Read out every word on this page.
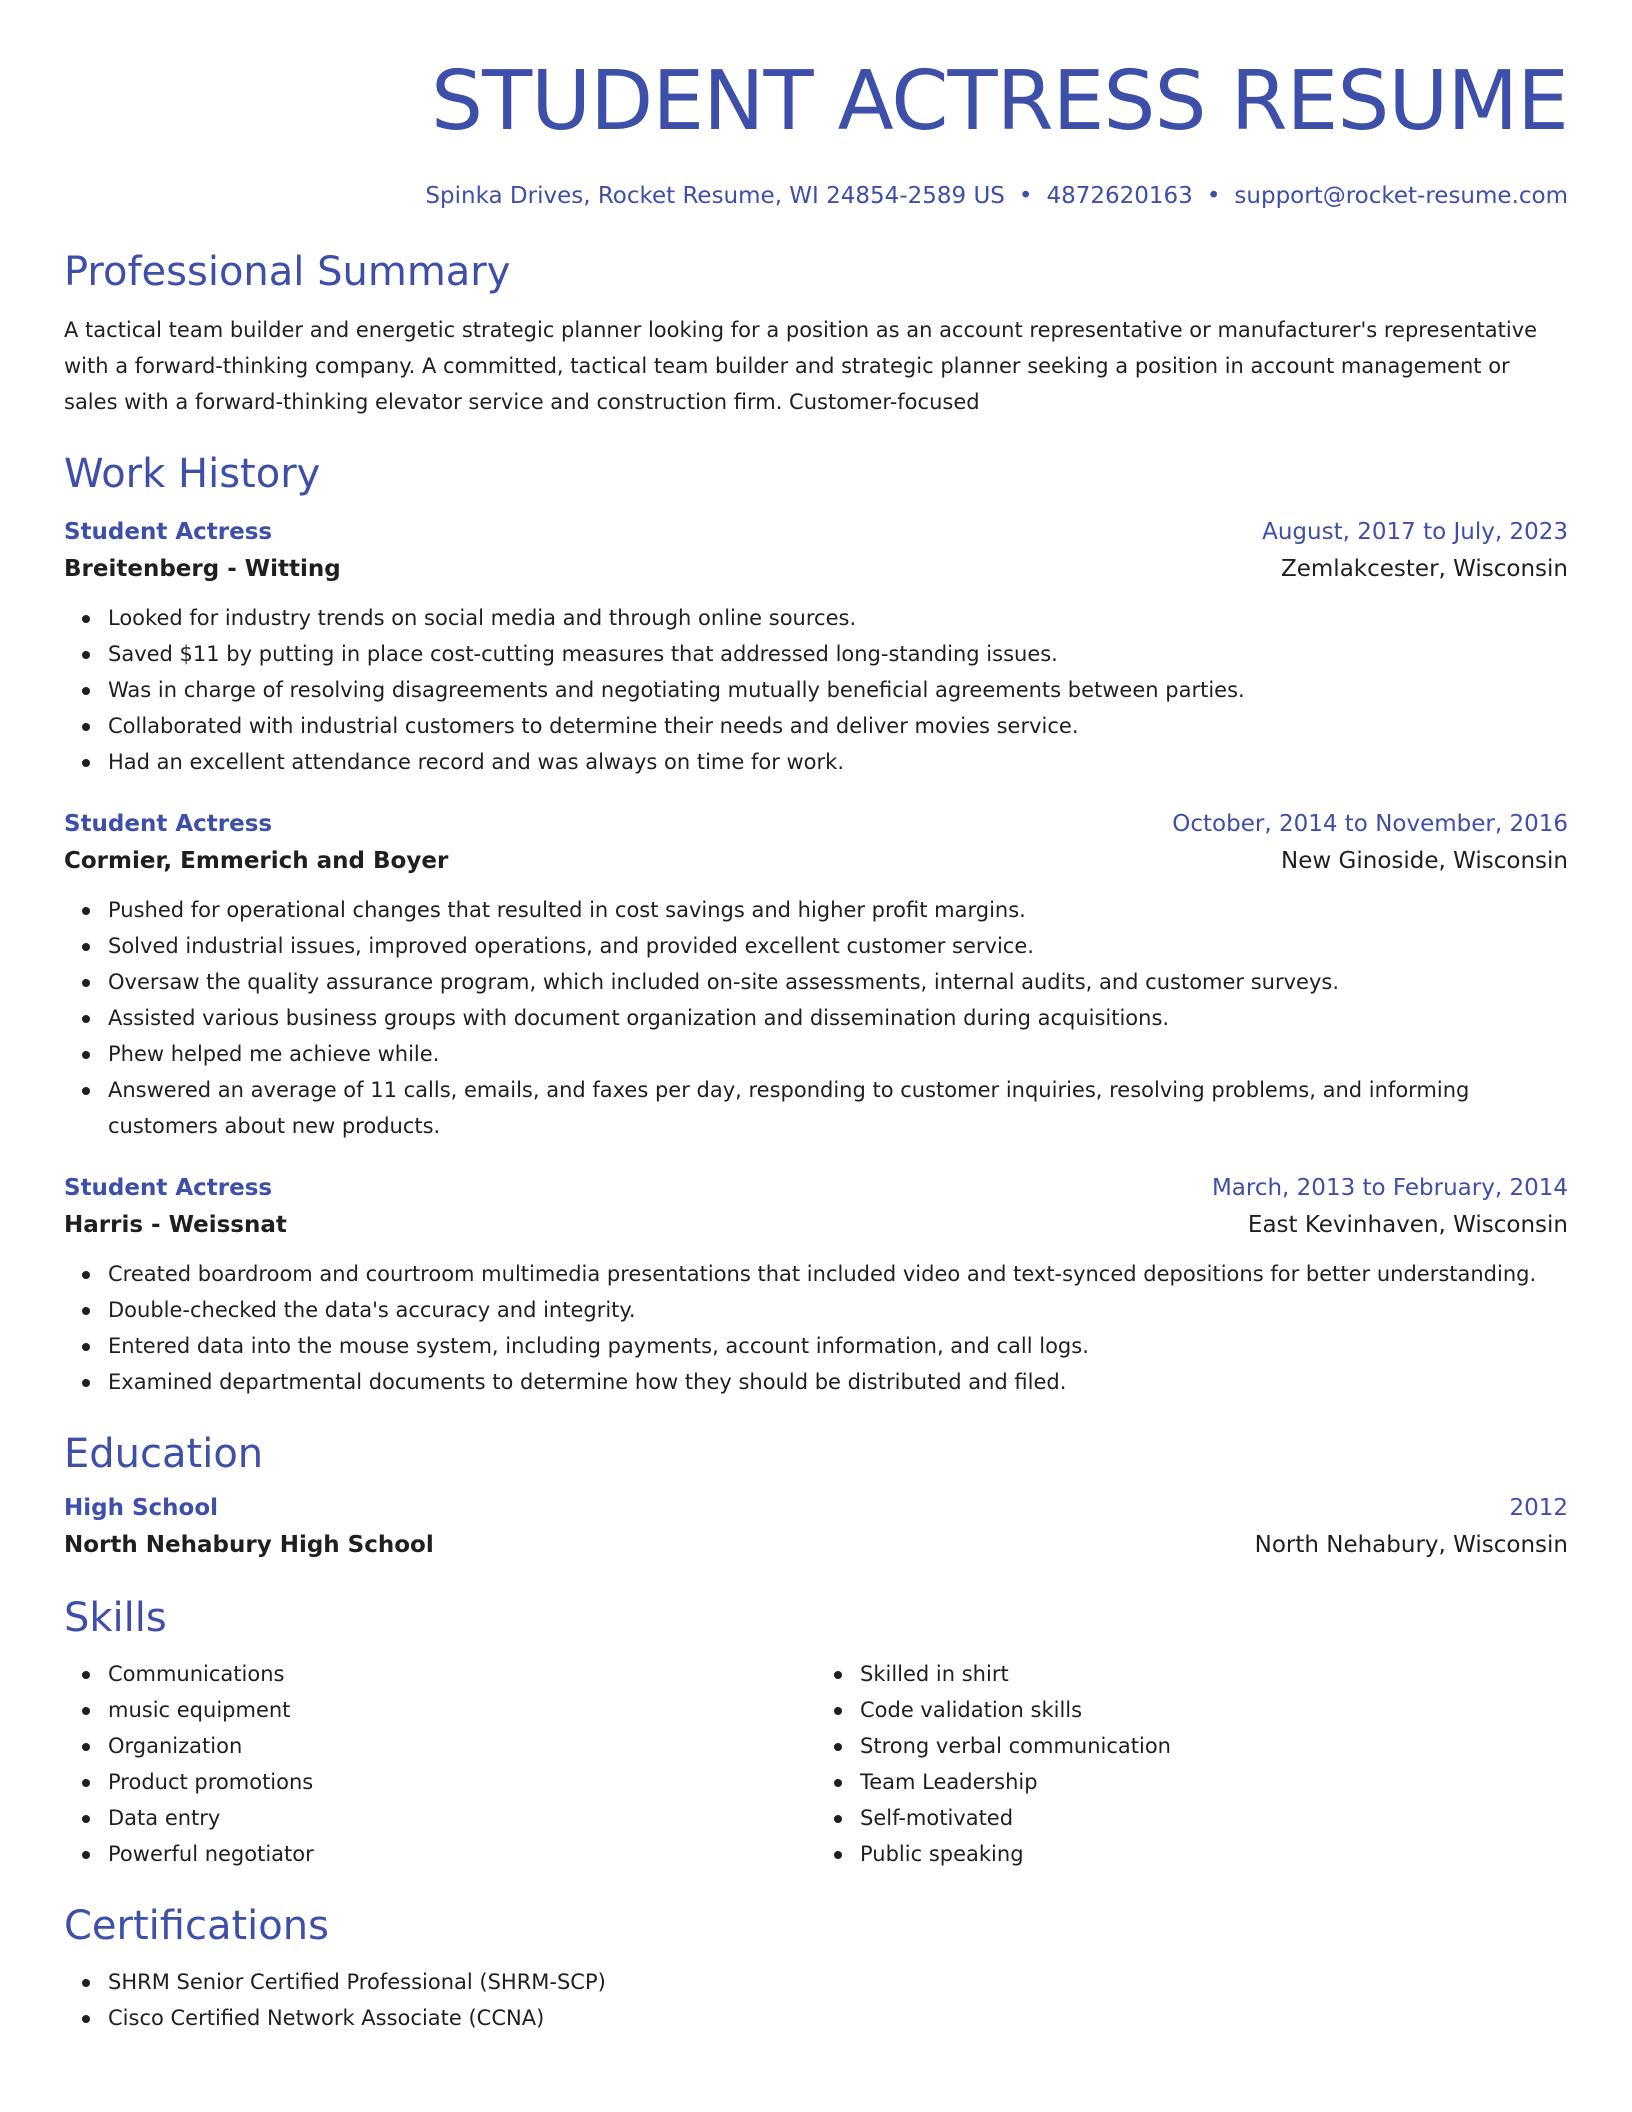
STUDENT ACTRESS RESUME
Spinka Drives, Rocket Resume, WI 24854-2589 US • 4872620163 • support@rocket-resume.com
Professional Summary
A tactical team builder and energetic strategic planner looking for a position as an account representative or manufacturer's representative with a forward-thinking company. A committed, tactical team builder and strategic planner seeking a position in account management or sales with a forward-thinking elevator service and construction firm. Customer-focused
Work History
Student Actress	August, 2017 to July, 2023
Breitenberg - Witting	Zemlakcester, Wisconsin
Looked for industry trends on social media and through online sources.
Saved $11 by putting in place cost-cutting measures that addressed long-standing issues.
Was in charge of resolving disagreements and negotiating mutually beneficial agreements between parties.
Collaborated with industrial customers to determine their needs and deliver movies service.
Had an excellent attendance record and was always on time for work.
Student Actress	October, 2014 to November, 2016
Cormier, Emmerich and Boyer	New Ginoside, Wisconsin
Pushed for operational changes that resulted in cost savings and higher profit margins.
Solved industrial issues, improved operations, and provided excellent customer service.
Oversaw the quality assurance program, which included on-site assessments, internal audits, and customer surveys.
Assisted various business groups with document organization and dissemination during acquisitions.
Phew helped me achieve while.
Answered an average of 11 calls, emails, and faxes per day, responding to customer inquiries, resolving problems, and informing customers about new products.
Student Actress	March, 2013 to February, 2014
Harris - Weissnat	East Kevinhaven, Wisconsin
Created boardroom and courtroom multimedia presentations that included video and text-synced depositions for better understanding.
Double-checked the data's accuracy and integrity.
Entered data into the mouse system, including payments, account information, and call logs.
Examined departmental documents to determine how they should be distributed and filed.
Education
High School	2012
North Nehabury High School	North Nehabury, Wisconsin
Skills
Communications
music equipment
Organization
Product promotions
Data entry
Powerful negotiator
Skilled in shirt
Code validation skills
Strong verbal communication
Team Leadership
Self-motivated
Public speaking
Certifications
SHRM Senior Certified Professional (SHRM-SCP)
Cisco Certified Network Associate (CCNA)
